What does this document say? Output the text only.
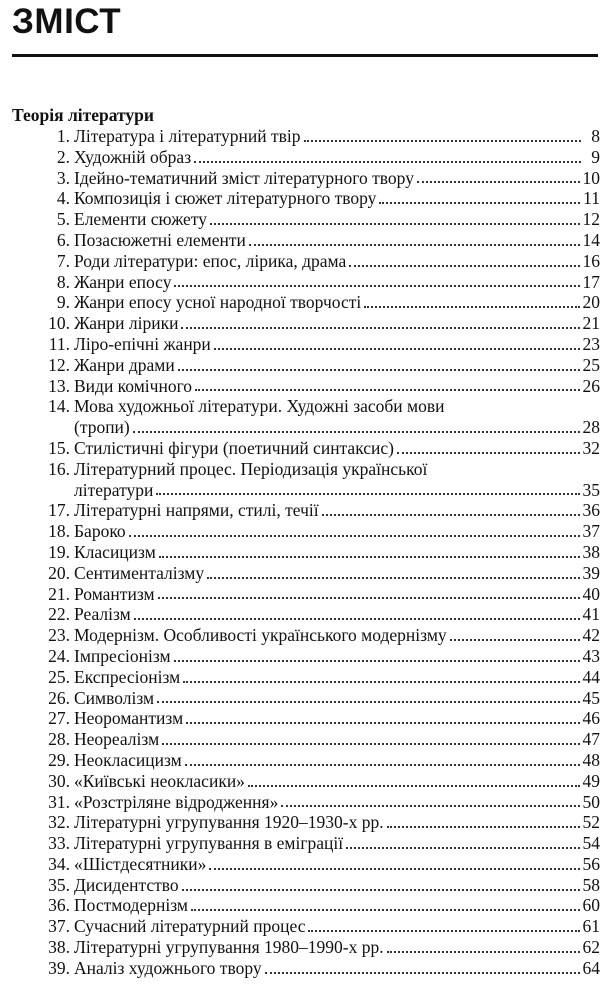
ЗМІСТ
Теорія літератури
1. Література і літературний твір	8
2. Художній образ	9
3. Ідейно-тематичний зміст літературного твору	10
4. Композиція і сюжет літературного твору	11
5. Елементи сюжету	12
6. Позасюжетні елементи	14
7. Роди літератури: епос, лірика, драма	16
8. Жанри епосу	17
9. Жанри епосу усної народної творчості	20
10. Жанри лірики	21
11. Ліро-епічні жанри	23
12. Жанри драми	25
13. Види комічного	26
14. Мова художньої літератури. Художні засоби мови
(тропи)	28
15. Стилістичні фігури (поетичний синтаксис)	32
16. Літературний процес. Періодизація української
літератури	35
17. Літературні напрями, стилі, течії	36
18. Бароко	37
19. Класицизм	38
20. Сентименталізму	39
21. Романтизм	40
22. Реалізм	41
23. Модернізм. Особливості українського модернізму	42
24. Імпресіонізм	43
25. Експресіонізм	44
26. Символізм	45
27. Неоромантизм	46
28. Неореалізм	47
29. Неокласицизм	48
30. «Київські неокласики»	49
31. «Розстріляне відродження»	50
32. Літературні угрупування 1920–1930-х рр.	52
33. Літературні угрупування в еміграції	54
34. «Шістдесятники»	56
35. Дисидентство	58
36. Постмодернізм	60
37. Сучасний літературний процес	61
38. Літературні угрупування 1980–1990-х рр.	62
39. Аналіз художнього твору	64
